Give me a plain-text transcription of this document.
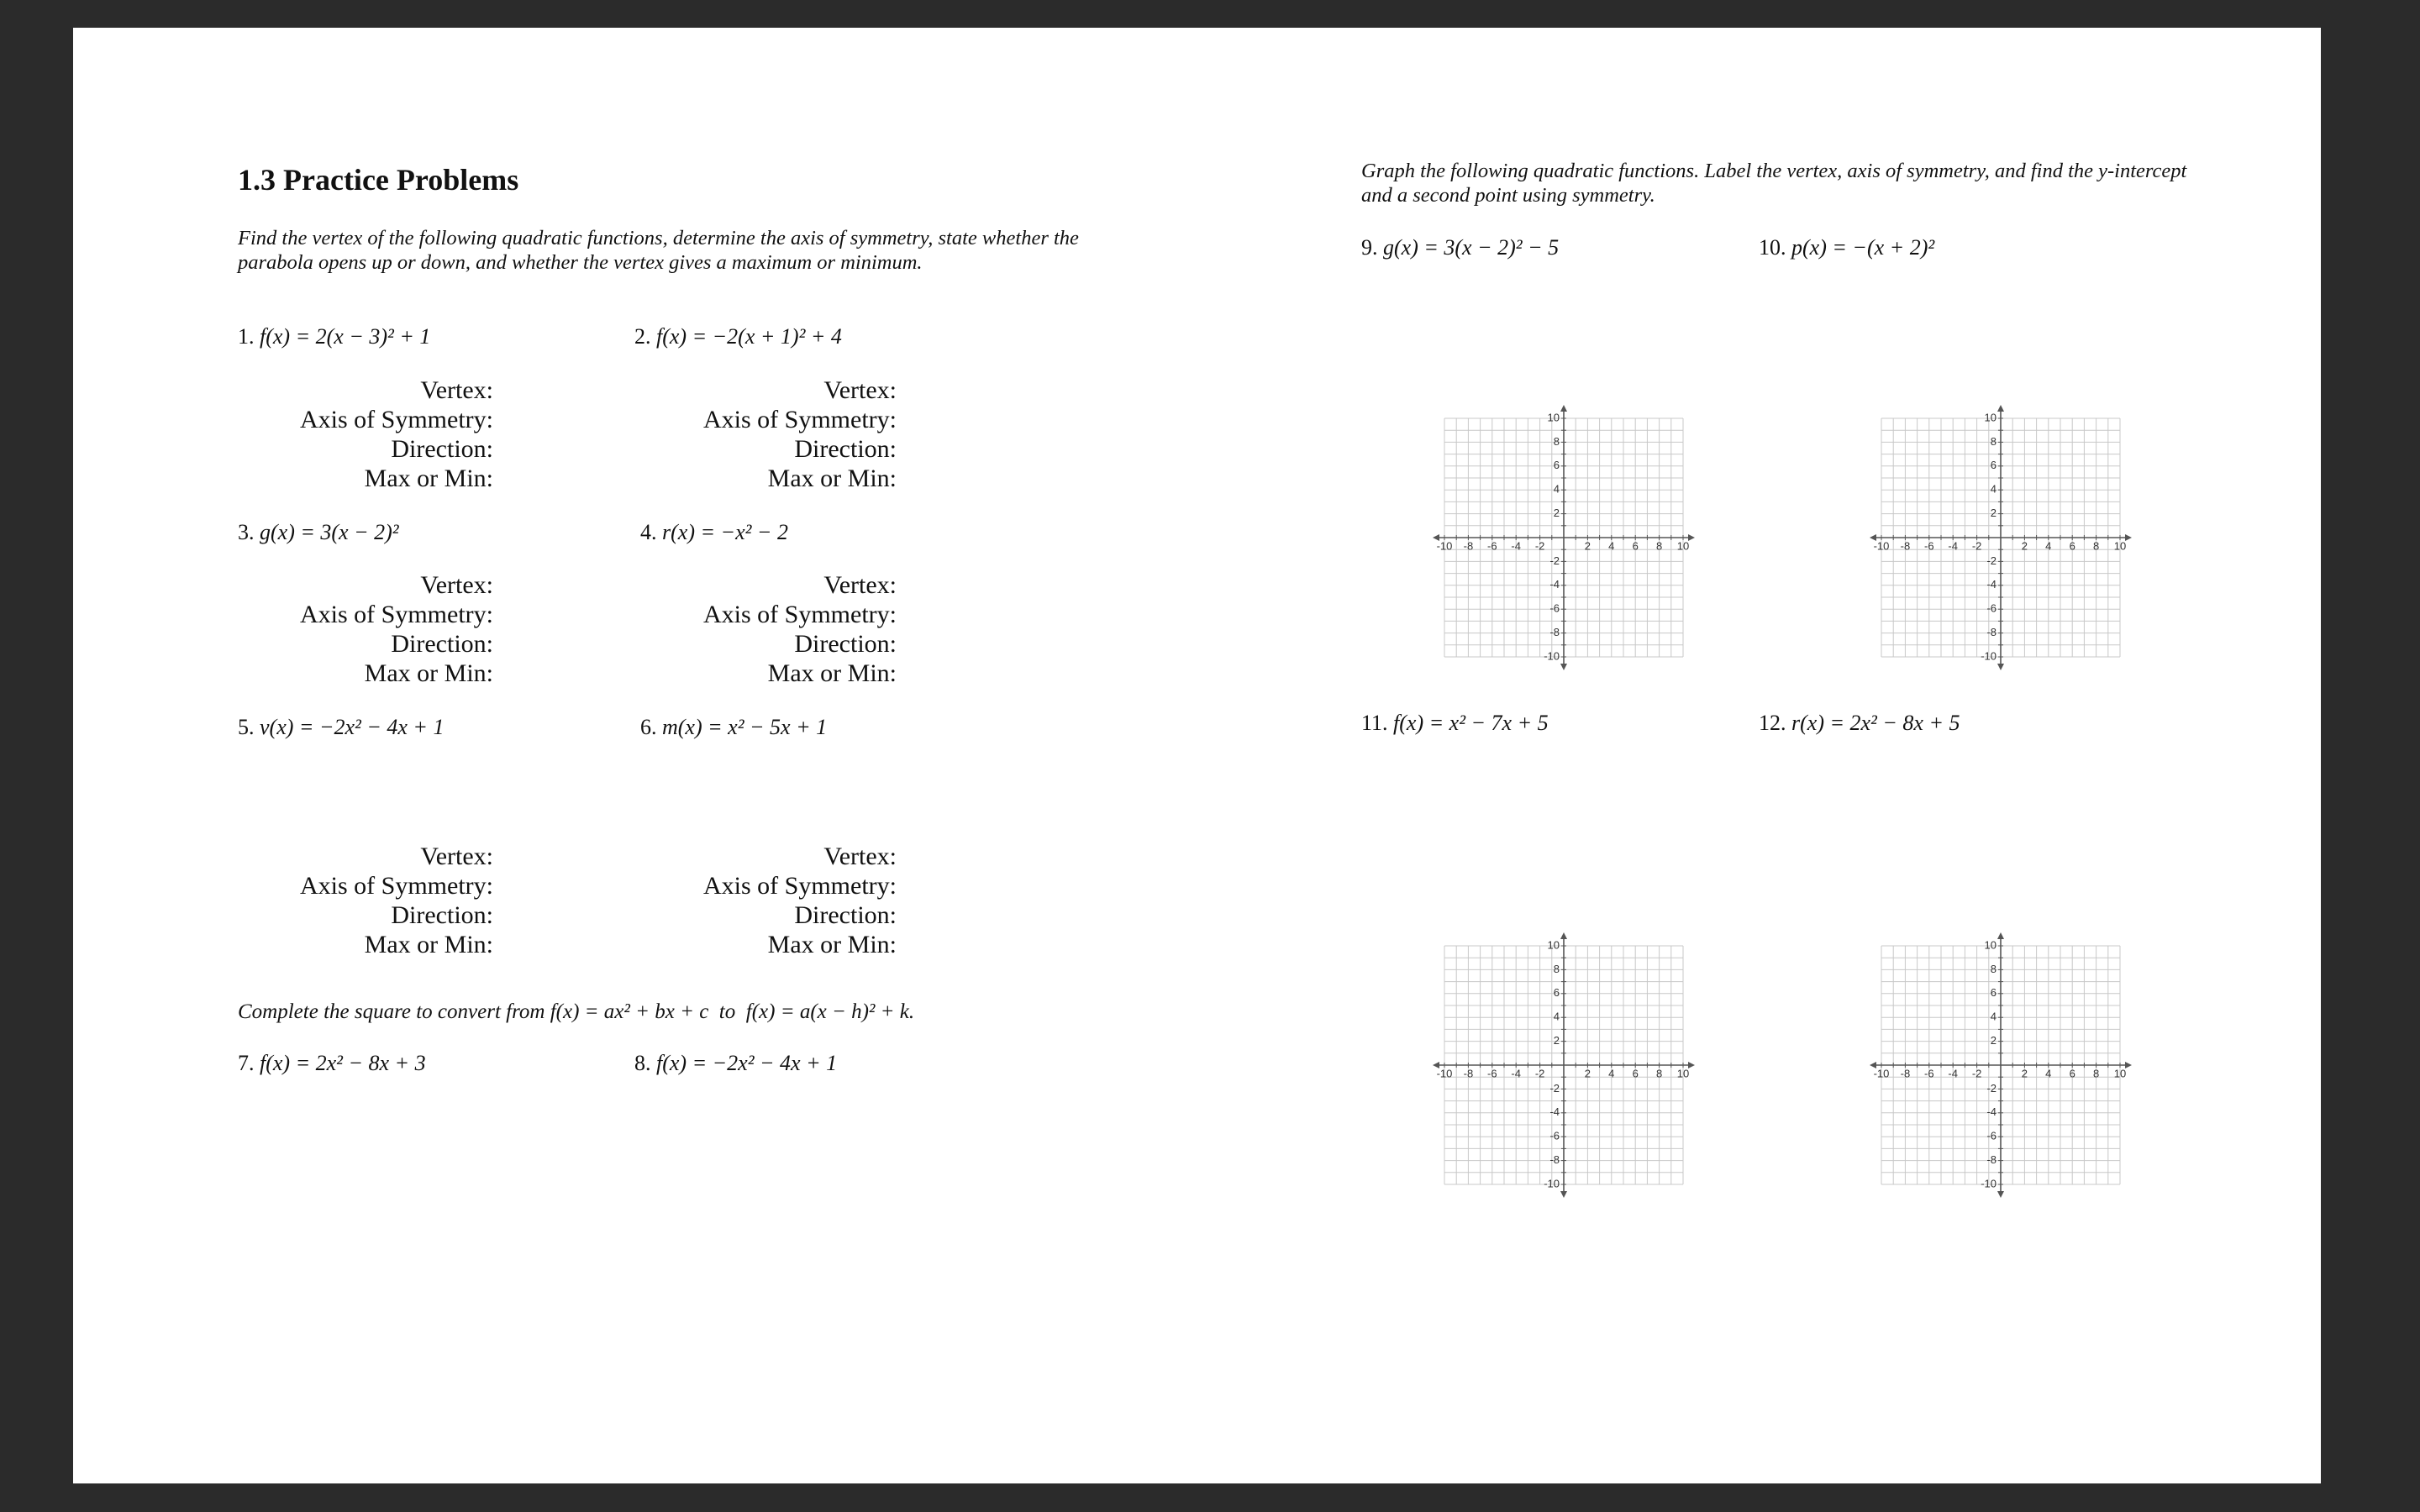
1.3 Practice Problems
Find the vertex of the following quadratic functions, determine the axis of symmetry, state whether the parabola opens up or down, and whether the vertex gives a maximum or minimum.
1. f(x) = 2(x − 3)² + 1	2. f(x) = −2(x + 1)² + 4
Vertex:
Axis of Symmetry:
Direction:
Max or Min:
Vertex:
Axis of Symmetry:
Direction:
Max or Min:
3. g(x) = 3(x − 2)²	4. r(x) = −x² − 2
Vertex:
Axis of Symmetry:
Direction:
Max or Min:
Vertex:
Axis of Symmetry:
Direction:
Max or Min:
5. v(x) = −2x² − 4x + 1	6. m(x) = x² − 5x + 1
Vertex:
Axis of Symmetry:
Direction:
Max or Min:
Vertex:
Axis of Symmetry:
Direction:
Max or Min:
Complete the square to convert from f(x) = ax² + bx + c to f(x) = a(x − h)² + k.
7. f(x) = 2x² − 8x + 3	8. f(x) = −2x² − 4x + 1
Graph the following quadratic functions. Label the vertex, axis of symmetry, and find the y-intercept and a second point using symmetry.
9. g(x) = 3(x − 2)² − 5	10. p(x) = −(x + 2)²
11. f(x) = x² − 7x + 5	12. r(x) = 2x² − 8x + 5
-10 -8 -6 -4 -2	2 4 6 8 10
10
8
6
4
2
-2
-4
-6
-8
-10
-10 -8 -6 -4 -2	2 4 6 8 10
10
8
6
4
2
-2
-4
-6
-8
-10
-10 -8 -6 -4 -2	2 4 6 8 10
10
8
6
4
2
-2
-4
-6
-8
-10
-10 -8 -6 -4 -2	2 4 6 8 10
10
8
6
4
2
-2
-4
-6
-8
-10
